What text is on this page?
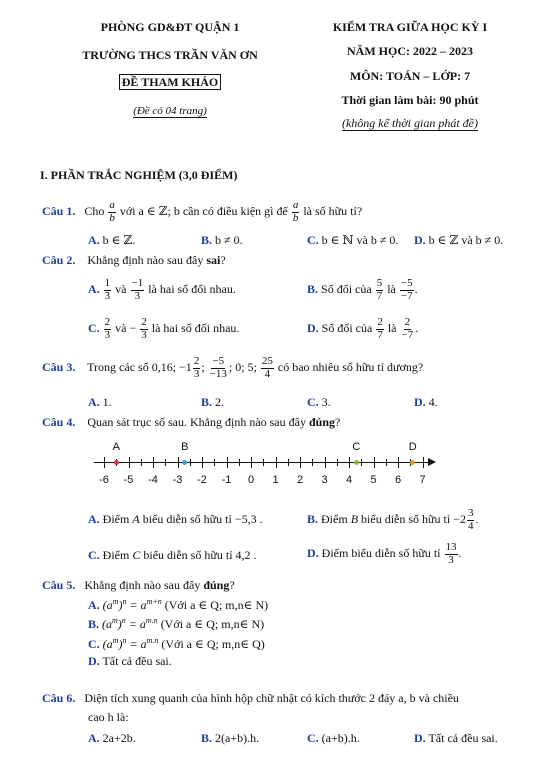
PHÒNG GD&ĐT QUẬN 1
TRƯỜNG THCS TRẦN VĂN ƠN
ĐỀ THAM KHẢO
(Đề có 04 trang)
KIỂM TRA GIỮA HỌC KỲ I
NĂM HỌC: 2022 – 2023
MÔN: TOÁN – LỚP: 7
Thời gian làm bài: 90 phút
(không kể thời gian phát đề)
I. PHẦN TRẮC NGHIỆM (3,0 ĐIỂM)
Câu 1. Cho $\frac{a}{b}$ với a ∈ ℤ; b cần có điều kiện gì để $\frac{a}{b}$ là số hữu tỉ?
A. b ∈ ℤ.	B. b ≠ 0.	C. b ∈ ℕ và b ≠ 0. D. b ∈ ℤ và b ≠ 0.
Câu 2. Khẳng định nào sau đây sai?
A. $\frac{1}{3}$ và $\frac{-1}{3}$ là hai số đối nhau.	B. Số đối của $\frac{5}{7}$ là $\frac{-5}{-7}$ .
C. $\frac{2}{3}$ và − $\frac{2}{3}$ là hai số đối nhau.	D. Số đối của $\frac{2}{7}$ là $\frac{2}{-7}$ .
Câu 3. Trong các số 0,16; $-1 \frac{2}{3}$ ; $\frac{-5}{-13}$ ; 0; 5; $\frac{25}{4}$ có bao nhiêu số hữu tỉ dương?
A. 1.	B. 2.	C. 3.	D. 4.
Câu 4. Quan sát trục số sau. Khẳng định nào sau đây đúng?
-6 -5 -4 -3 -2 -1 0 1 2 3 4 5 6 7
A	B	C	D
A. Điểm A biểu diễn số hữu tỉ −5,3 .	B. Điểm B biểu diễn số hữu tỉ $-2 \frac{3}{4}$ .
C. Điểm C biểu diễn số hữu tỉ 4,2 .	D. Điểm biểu diễn số hữu tỉ $\frac{13}{3}$ .
Câu 5. Khẳng định nào sau đây đúng?
A. $(a^m)^n = a^{m+n}$ (Với a ∈ Q; m,n∈ N)
B. $(a^m)^n = a^{m.n}$ (Với a ∈ Q; m,n∈ N)
C. $(a^m)^n = a^{m.n}$ (Với a ∈ Q; m,n∈ Q)
D. Tất cả đều sai.
Câu 6. Diện tích xung quanh của hình hộp chữ nhật có kích thước 2 đáy a, b và chiều
cao h là:
A. 2a+2b.	B. 2(a+b).h.	C. (a+b).h.	D. Tất cả đều sai.
